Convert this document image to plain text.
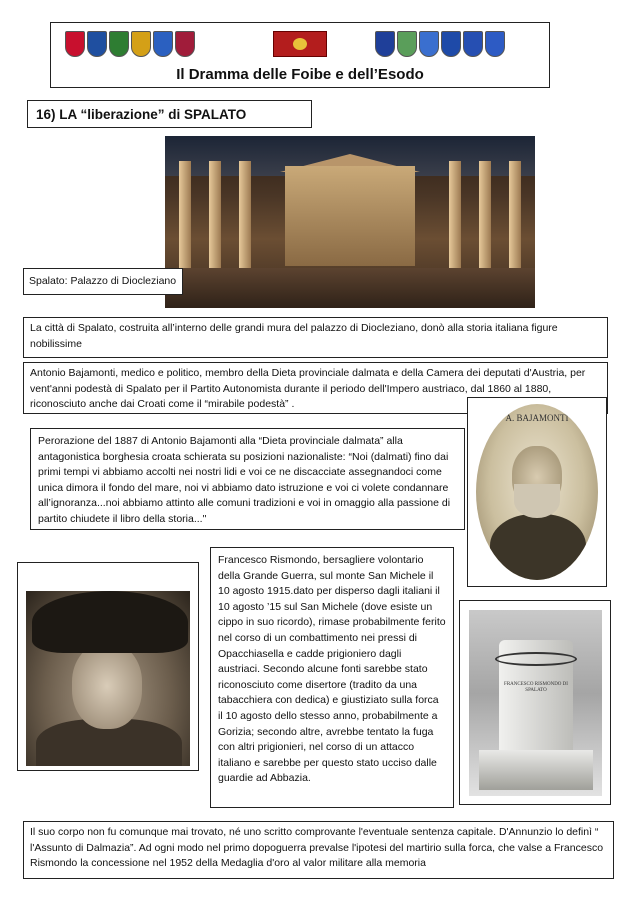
Il Dramma delle Foibe e dell’Esodo
16) LA “liberazione” di SPALATO
Spalato: Palazzo di Diocleziano
La città di Spalato, costruita all’interno delle grandi mura del palazzo di Diocleziano, donò alla storia italiana figure nobilissime
Antonio Bajamonti, medico e politico, membro della Dieta provinciale dalmata e della Camera dei deputati d'Austria, per vent'anni podestà di Spalato per il Partito Autonomista durante il periodo dell'Impero austriaco, dal 1860 al 1880, riconosciuto anche dai Croati come il “mirabile podestà” .
A. BAJAMONTI
Perorazione del 1887 di Antonio Bajamonti alla “Dieta provinciale dalmata” alla antagonistica borghesia croata schierata su posizioni nazionaliste: “Noi (dalmati) fino dai primi tempi vi abbiamo accolti nei nostri lidi e voi ce ne discacciate assegnandoci come unica dimora il fondo del mare, noi vi abbiamo dato istruzione e voi ci volete condannare all’ignoranza...noi abbiamo attinto alle comuni tradizioni e voi in omaggio alla passione di partito chiudete il libro della storia..."
Francesco Rismondo, bersagliere volontario della Grande Guerra, sul monte San Michele il 10 agosto 1915.dato per disperso dagli italiani il 10 agosto ’15 sul San Michele (dove esiste un cippo in suo ricordo), rimase probabilmente ferito nel corso di un combattimento nei pressi di Opacchiasella e cadde prigioniero dagli austriaci. Secondo alcune fonti sarebbe stato riconosciuto come disertore (tradito da una tabacchiera con dedica) e giustiziato sulla forca il 10 agosto dello stesso anno, probabilmente a Gorizia; secondo altre, avrebbe tentato la fuga con altri prigionieri, nel corso di un attacco italiano e sarebbe per questo stato ucciso dalle guardie ad Abbazia.
FRANCESCO RISMONDO DI SPALATO
Il suo corpo non fu comunque mai trovato, né uno scritto comprovante l'eventuale sentenza capitale. D'Annunzio lo definì “ l'Assunto di Dalmazia”. Ad ogni modo nel primo dopoguerra prevalse l'ipotesi del martirio sulla forca, che valse a Francesco Rismondo la concessione nel 1952 della Medaglia d'oro al valor militare alla memoria
